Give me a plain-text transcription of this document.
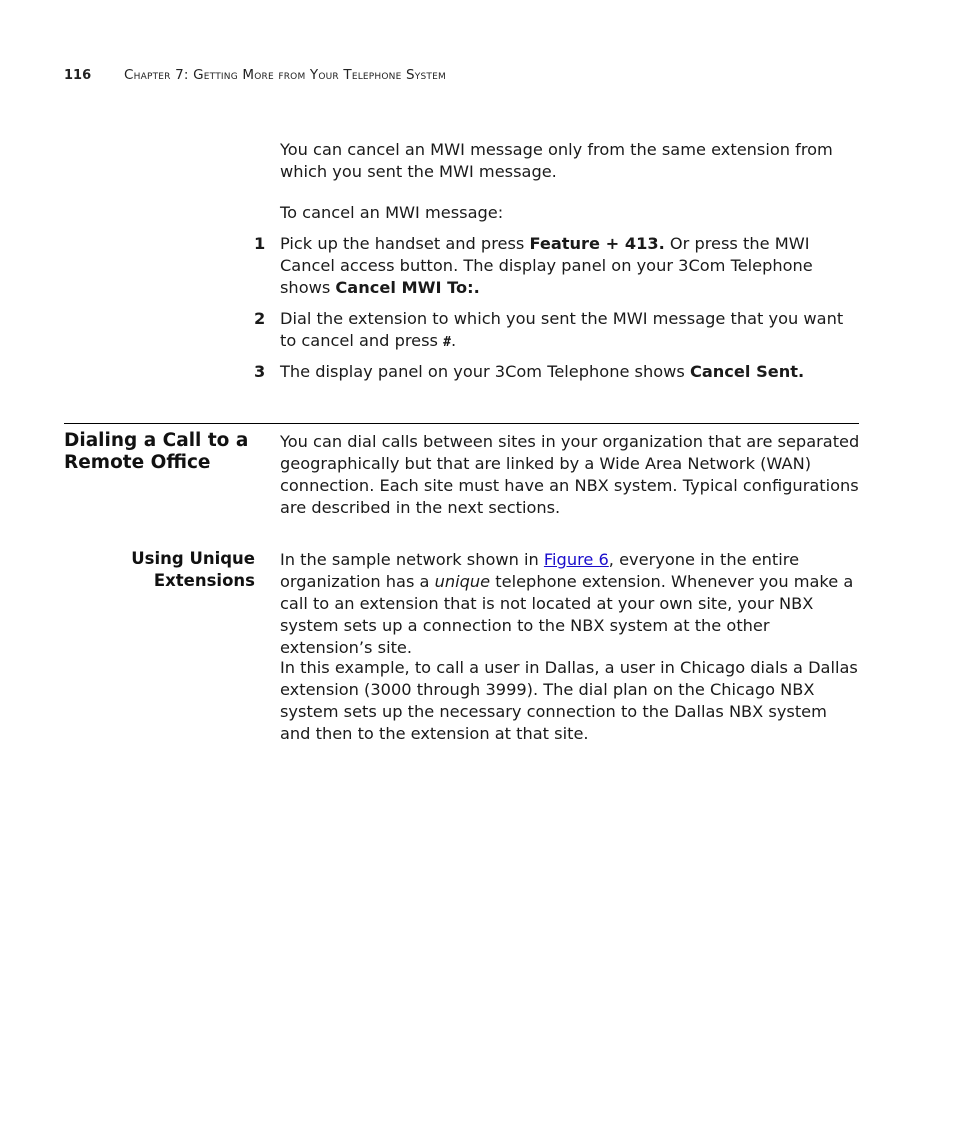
116 Chapter 7: Getting More from Your Telephone System

You can cancel an MWI message only from the same extension from which you sent the MWI message.

To cancel an MWI message:

1 Pick up the handset and press Feature + 413. Or press the MWI Cancel access button. The display panel on your 3Com Telephone shows Cancel MWI To:.
2 Dial the extension to which you sent the MWI message that you want to cancel and press #.
3 The display panel on your 3Com Telephone shows Cancel Sent.
Dialing a Call to a Remote Office

You can dial calls between sites in your organization that are separated geographically but that are linked by a Wide Area Network (WAN) connection. Each site must have an NBX system. Typical configurations are described in the next sections.

Using Unique Extensions

In the sample network shown in Figure 6, everyone in the entire organization has a unique telephone extension. Whenever you make a call to an extension that is not located at your own site, your NBX system sets up a connection to the NBX system at the other extension’s site.

In this example, to call a user in Dallas, a user in Chicago dials a Dallas extension (3000 through 3999). The dial plan on the Chicago NBX system sets up the necessary connection to the Dallas NBX system and then to the extension at that site.
